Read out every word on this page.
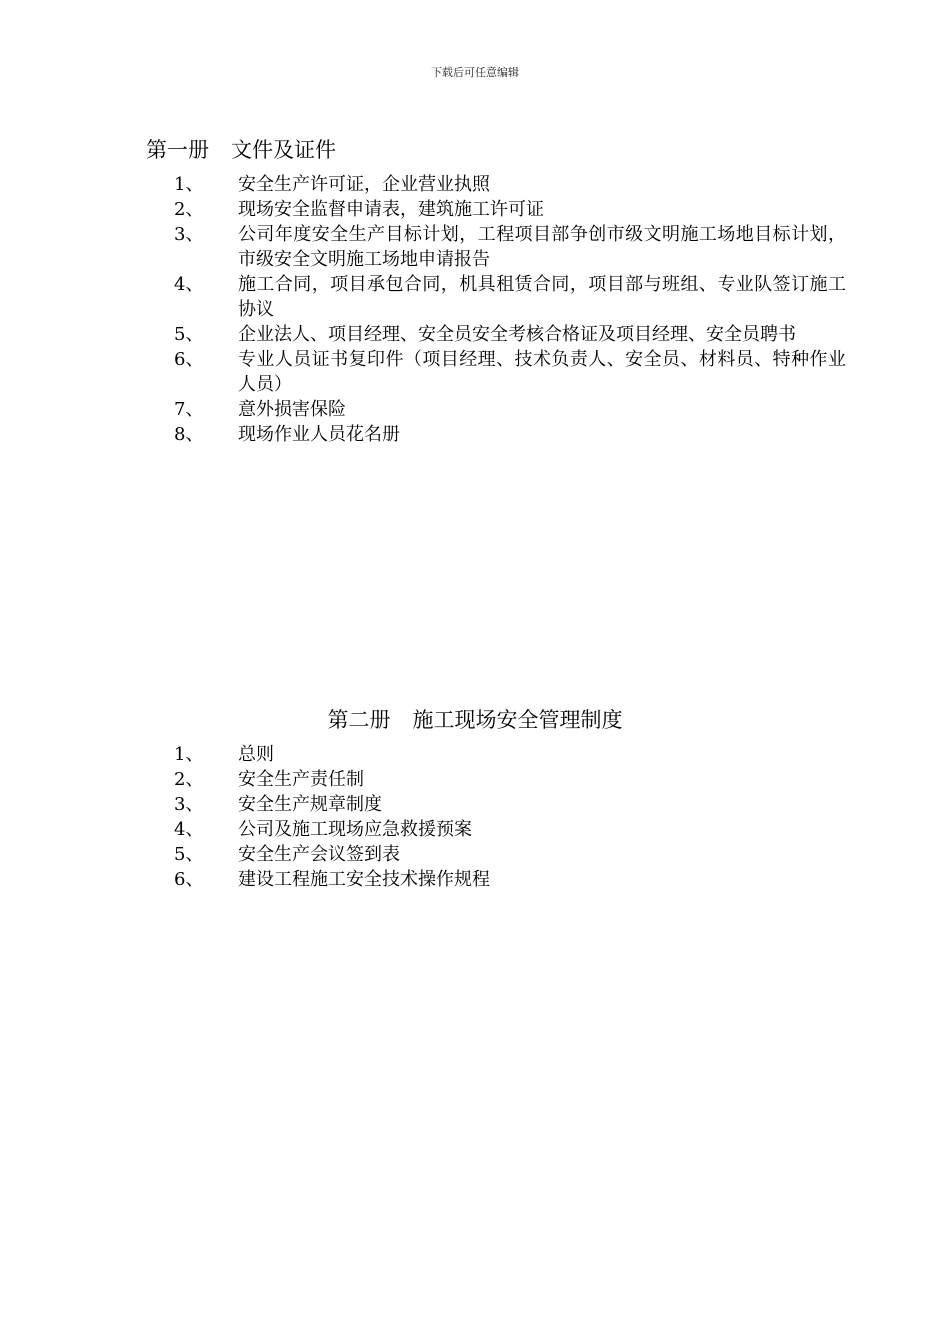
下载后可任意编辑
第一册 文件及证件
1、 安全生产许可证，企业营业执照
2、 现场安全监督申请表，建筑施工许可证
3、 公司年度安全生产目标计划，工程项目部争创市级文明施工场地目标计划，市级安全文明施工场地申请报告
4、 施工合同，项目承包合同，机具租赁合同，项目部与班组、专业队签订施工协议
5、 企业法人、项目经理、安全员安全考核合格证及项目经理、安全员聘书
6、 专业人员证书复印件（项目经理、技术负责人、安全员、材料员、特种作业人员）
7、 意外损害保险
8、 现场作业人员花名册
第二册 施工现场安全管理制度
1、 总则
2、 安全生产责任制
3、 安全生产规章制度
4、 公司及施工现场应急救援预案
5、 安全生产会议签到表
6、 建设工程施工安全技术操作规程
